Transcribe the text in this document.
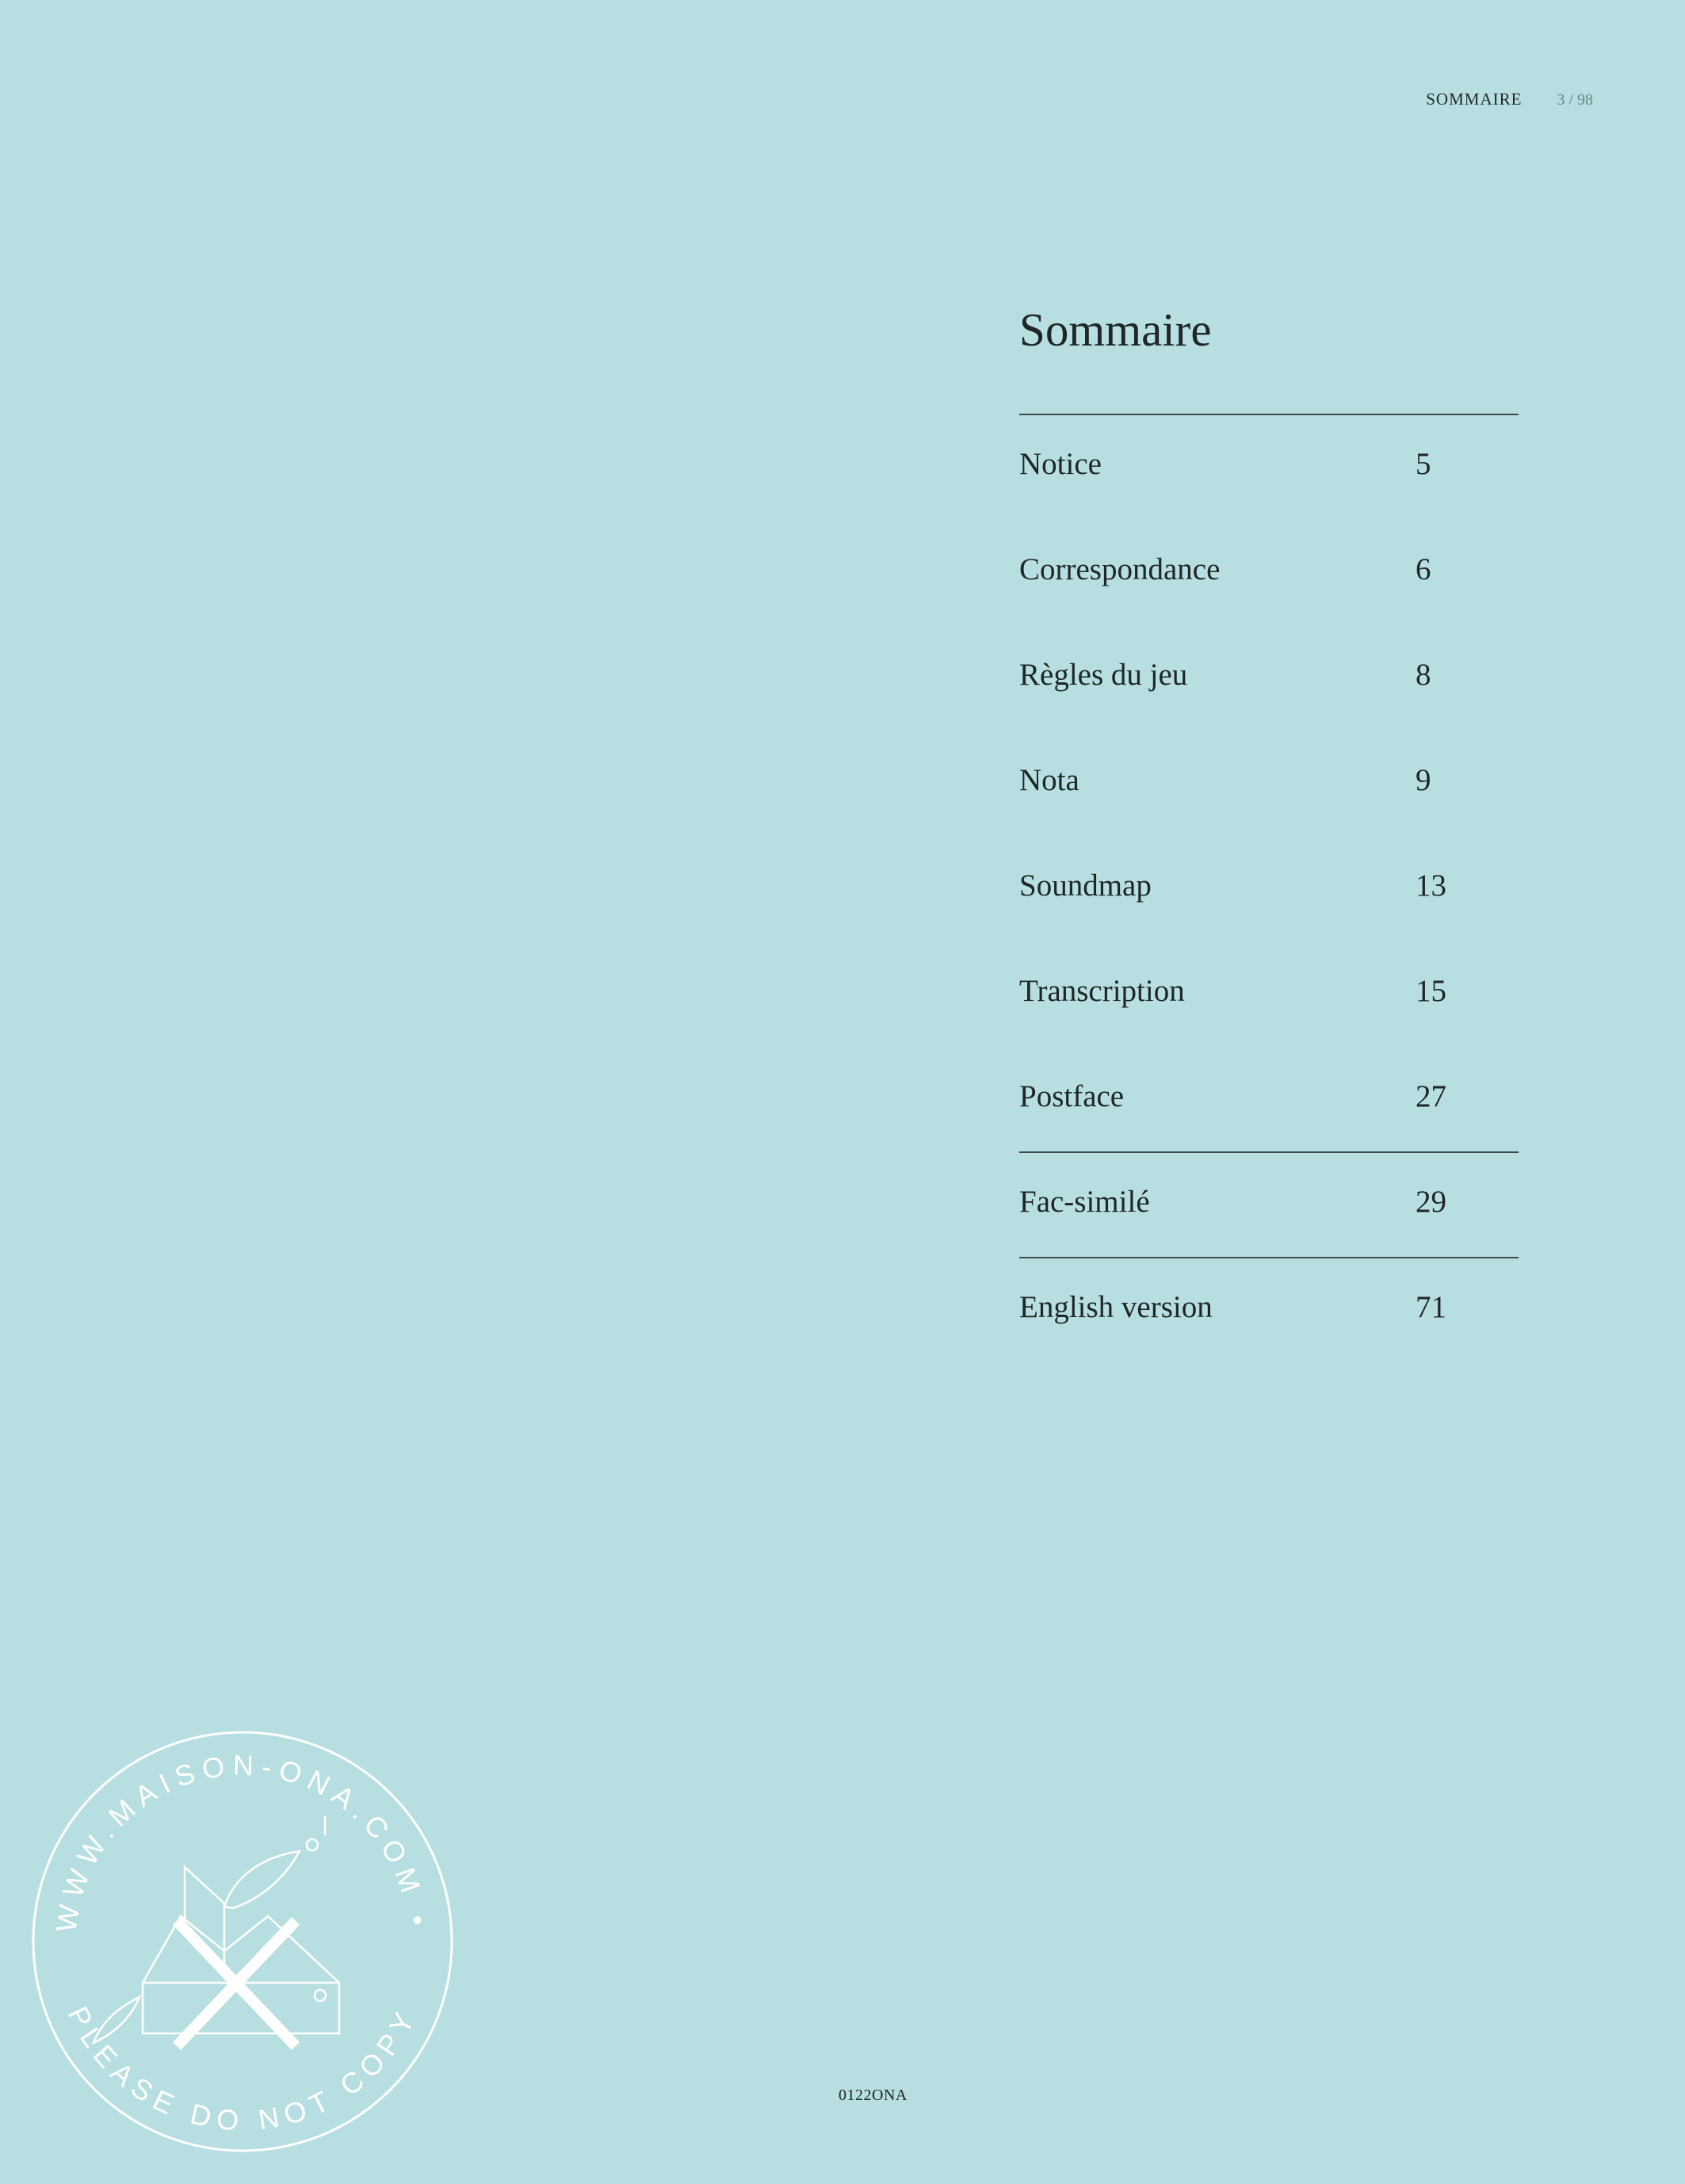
SOMMAIRE 3 / 98
Sommaire
Notice	5
Correspondance	6
Règles du jeu	8
Nota	9
Soundmap	13
Transcription	15
Postface	27
Fac-similé	29
English version	71
0122ONA
WWW.MAISON-ONA.COM •
PLEASE DO NOT COPY
